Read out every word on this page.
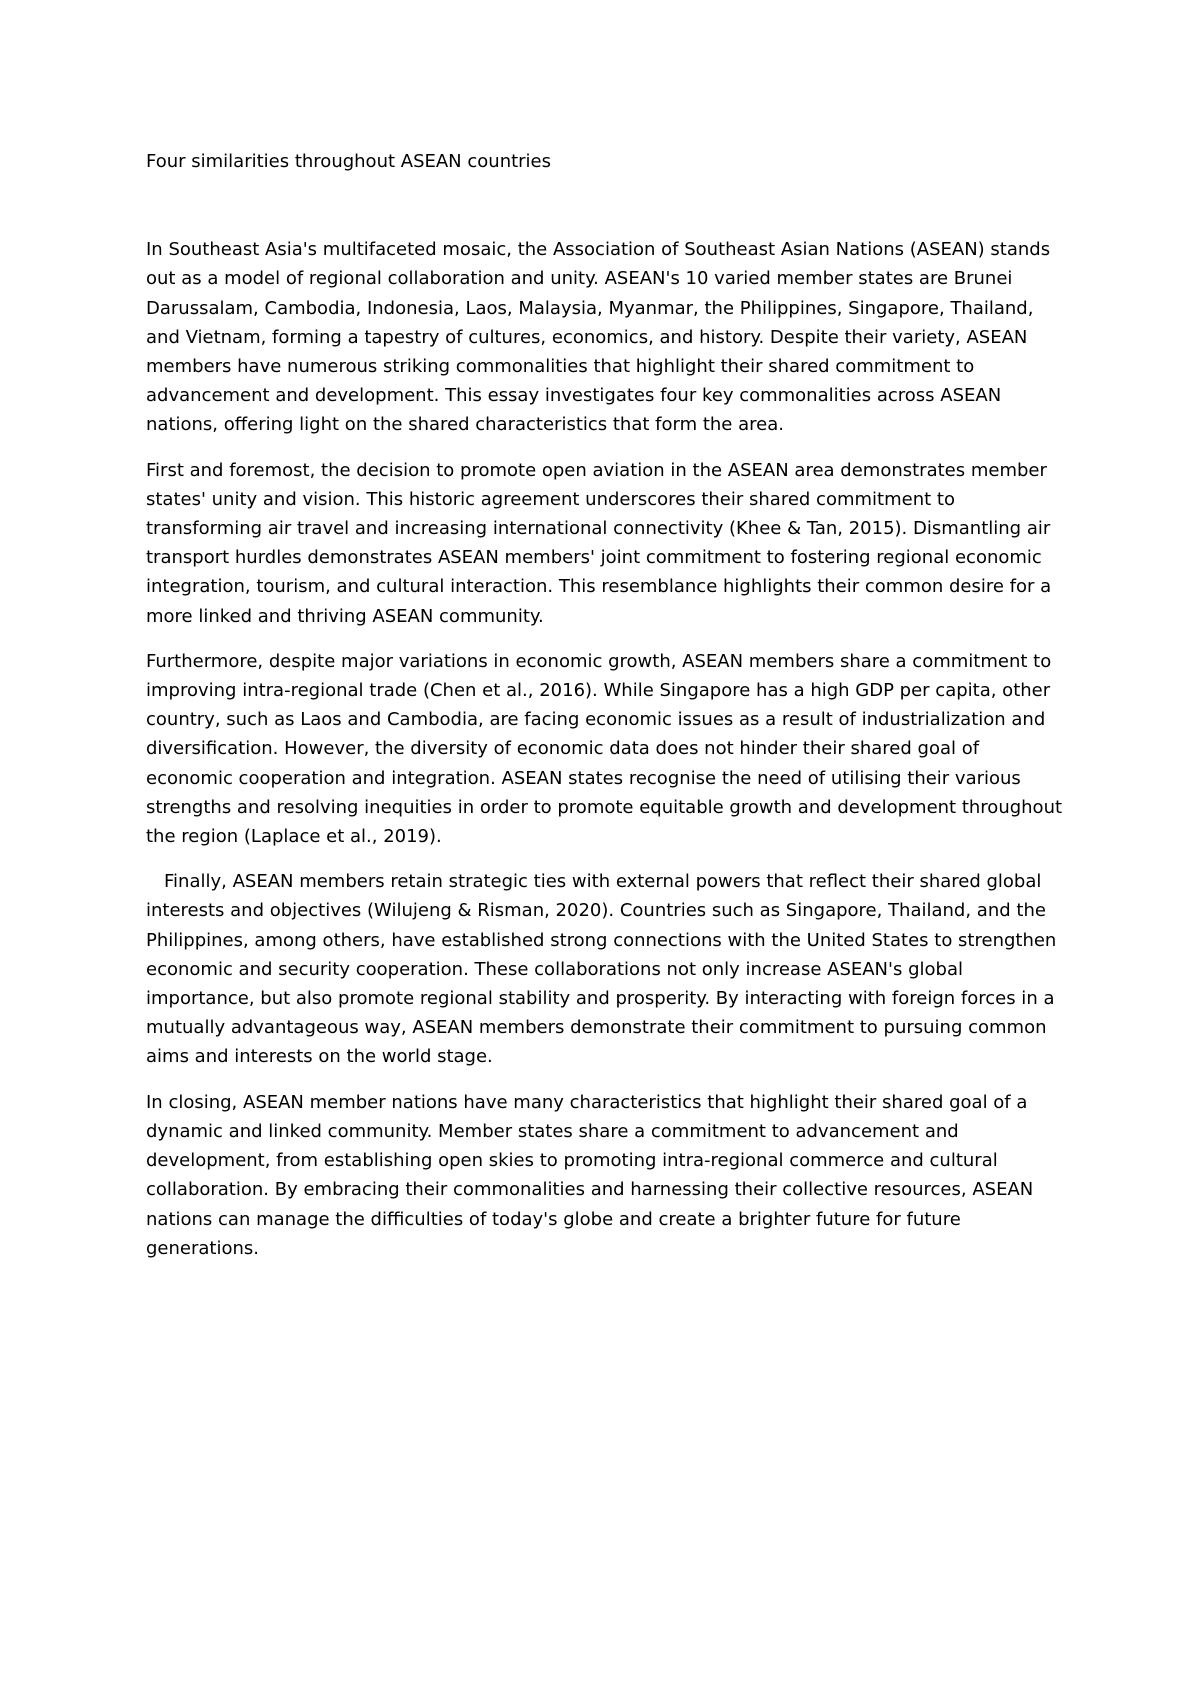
Four similarities throughout ASEAN countries

In Southeast Asia's multifaceted mosaic, the Association of Southeast Asian Nations (ASEAN) stands out as a model of regional collaboration and unity. ASEAN's 10 varied member states are Brunei Darussalam, Cambodia, Indonesia, Laos, Malaysia, Myanmar, the Philippines, Singapore, Thailand, and Vietnam, forming a tapestry of cultures, economics, and history. Despite their variety, ASEAN members have numerous striking commonalities that highlight their shared commitment to advancement and development. This essay investigates four key commonalities across ASEAN nations, offering light on the shared characteristics that form the area.

First and foremost, the decision to promote open aviation in the ASEAN area demonstrates member states' unity and vision. This historic agreement underscores their shared commitment to transforming air travel and increasing international connectivity (Khee & Tan, 2015). Dismantling air transport hurdles demonstrates ASEAN members' joint commitment to fostering regional economic integration, tourism, and cultural interaction. This resemblance highlights their common desire for a more linked and thriving ASEAN community.

Furthermore, despite major variations in economic growth, ASEAN members share a commitment to improving intra-regional trade (Chen et al., 2016). While Singapore has a high GDP per capita, other country, such as Laos and Cambodia, are facing economic issues as a result of industrialization and diversification. However, the diversity of economic data does not hinder their shared goal of economic cooperation and integration. ASEAN states recognise the need of utilising their various strengths and resolving inequities in order to promote equitable growth and development throughout the region (Laplace et al., 2019).

Finally, ASEAN members retain strategic ties with external powers that reflect their shared global interests and objectives (Wilujeng & Risman, 2020). Countries such as Singapore, Thailand, and the Philippines, among others, have established strong connections with the United States to strengthen economic and security cooperation. These collaborations not only increase ASEAN's global importance, but also promote regional stability and prosperity. By interacting with foreign forces in a mutually advantageous way, ASEAN members demonstrate their commitment to pursuing common aims and interests on the world stage.

In closing, ASEAN member nations have many characteristics that highlight their shared goal of a dynamic and linked community. Member states share a commitment to advancement and development, from establishing open skies to promoting intra-regional commerce and cultural collaboration. By embracing their commonalities and harnessing their collective resources, ASEAN nations can manage the difficulties of today's globe and create a brighter future for future generations.
